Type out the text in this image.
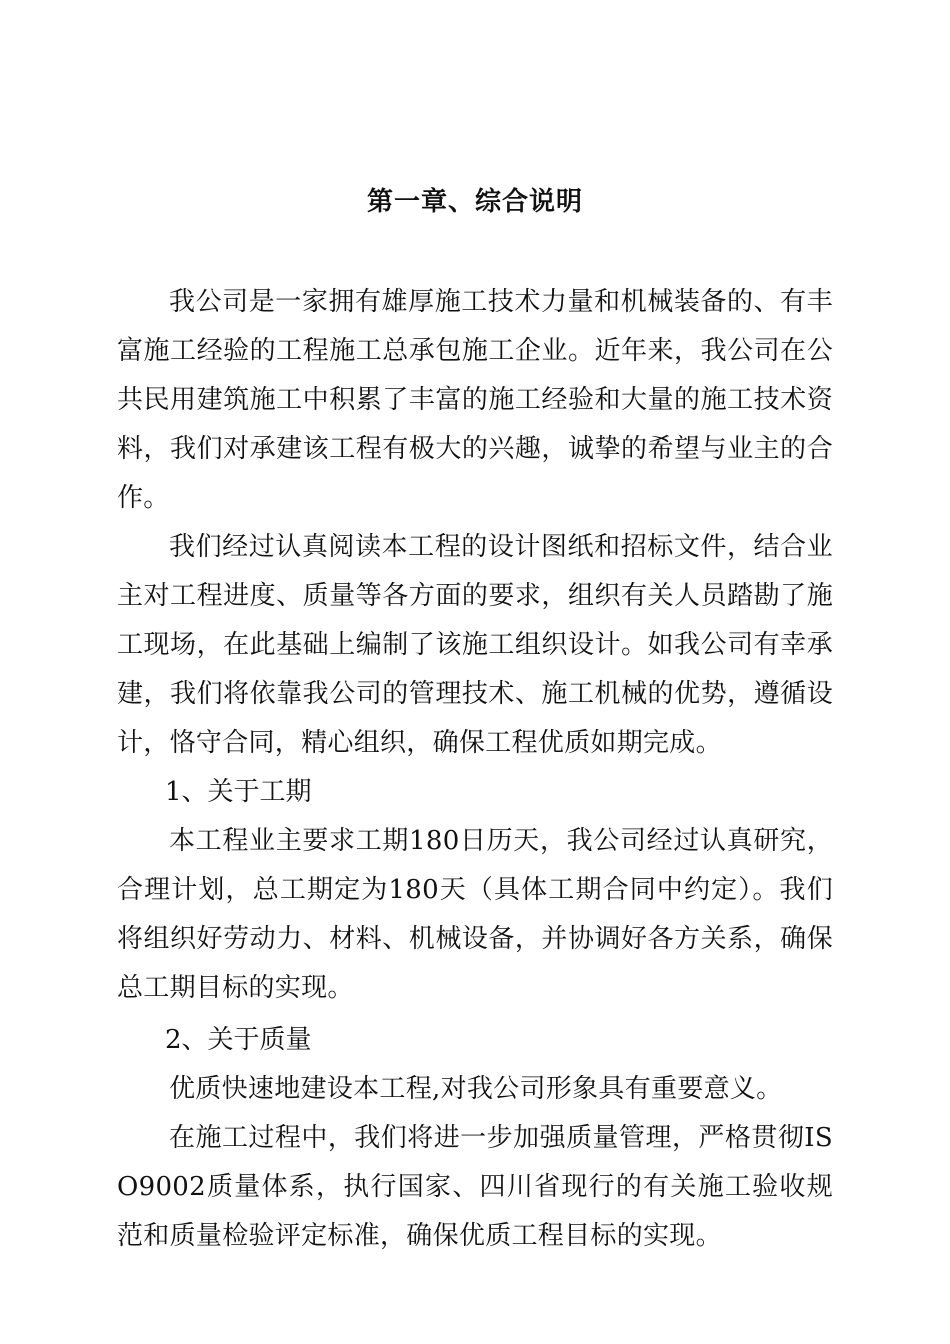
第一章、综合说明

我公司是一家拥有雄厚施工技术力量和机械装备的、有丰富施工经验的工程施工总承包施工企业。近年来，我公司在公共民用建筑施工中积累了丰富的施工经验和大量的施工技术资料，我们对承建该工程有极大的兴趣，诚挚的希望与业主的合作。

我们经过认真阅读本工程的设计图纸和招标文件，结合业主对工程进度、质量等各方面的要求，组织有关人员踏勘了施工现场，在此基础上编制了该施工组织设计。如我公司有幸承建，我们将依靠我公司的管理技术、施工机械的优势，遵循设计，恪守合同，精心组织，确保工程优质如期完成。

1、关于工期

本工程业主要求工期180日历天，我公司经过认真研究，合理计划，总工期定为180天（具体工期合同中约定）。我们将组织好劳动力、材料、机械设备，并协调好各方关系，确保总工期目标的实现。

2、关于质量

优质快速地建设本工程,对我公司形象具有重要意义。

在施工过程中，我们将进一步加强质量管理，严格贯彻ISO9002质量体系，执行国家、四川省现行的有关施工验收规范和质量检验评定标准，确保优质工程目标的实现。
